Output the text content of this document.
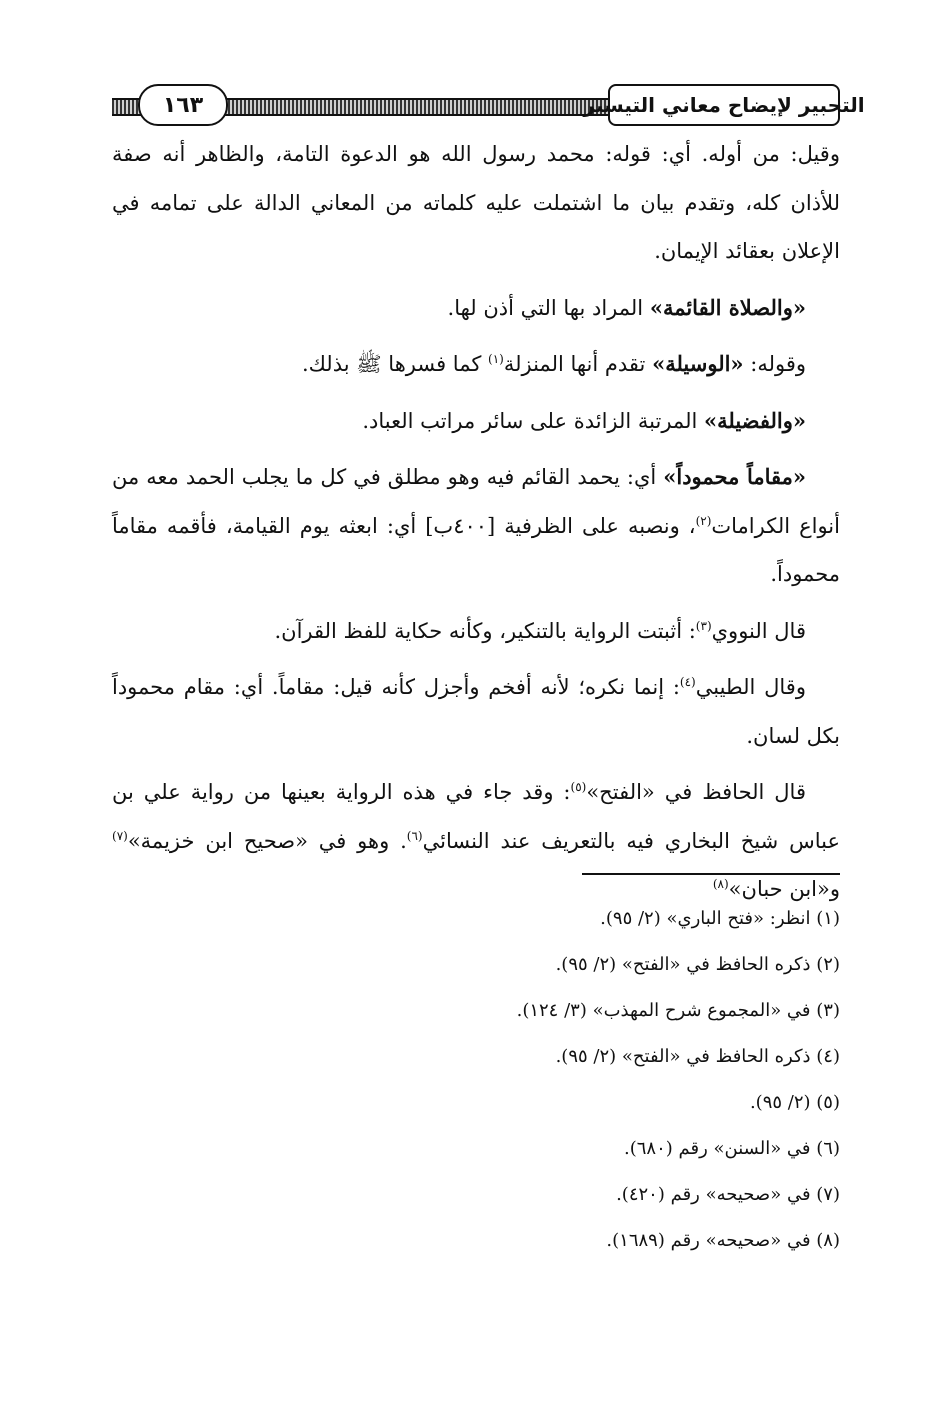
١٦٣	التحبير لإيضاح معاني التيسير

وقيل: من أوله. أي: قوله: محمد رسول الله هو الدعوة التامة، والظاهر أنه صفة للأذان كله، وتقدم بيان ما اشتملت عليه كلماته من المعاني الدالة على تمامه في الإعلان بعقائد الإيمان.

«والصلاة القائمة» المراد بها التي أذن لها.

وقوله: «الوسيلة» تقدم أنها المنزلة$^{(١)}$ كما فسرها ﷺ بذلك.

«والفضيلة» المرتبة الزائدة على سائر مراتب العباد.

«مقاماً محموداً» أي: يحمد القائم فيه وهو مطلق في كل ما يجلب الحمد معه من أنواع الكرامات$^{(٢)}$، ونصبه على الظرفية [٤٠٠ب] أي: ابعثه يوم القيامة، فأقمه مقاماً محموداً.

قال النووي$^{(٣)}$: أثبتت الرواية بالتنكير، وكأنه حكاية للفظ القرآن.

وقال الطيبي$^{(٤)}$: إنما نكره؛ لأنه أفخم وأجزل كأنه قيل: مقاماً. أي: مقام محموداً بكل لسان.

قال الحافظ في «الفتح»$^{(٥)}$: وقد جاء في هذه الرواية بعينها من رواية علي بن عباس شيخ البخاري فيه بالتعريف عند النسائي$^{(٦)}$. وهو في «صحيح ابن خزيمة»$^{(٧)}$ و«ابن حبان»$^{(٨)}$

(١) انظر: «فتح الباري» (٢/ ٩٥).
(٢) ذكره الحافظ في «الفتح» (٢/ ٩٥).
(٣) في «المجموع شرح المهذب» (٣/ ١٢٤).
(٤) ذكره الحافظ في «الفتح» (٢/ ٩٥).
(٥) (٢/ ٩٥).
(٦) في «السنن» رقم (٦٨٠).
(٧) في «صحيحه» رقم (٤٢٠).
(٨) في «صحيحه» رقم (١٦٨٩).
